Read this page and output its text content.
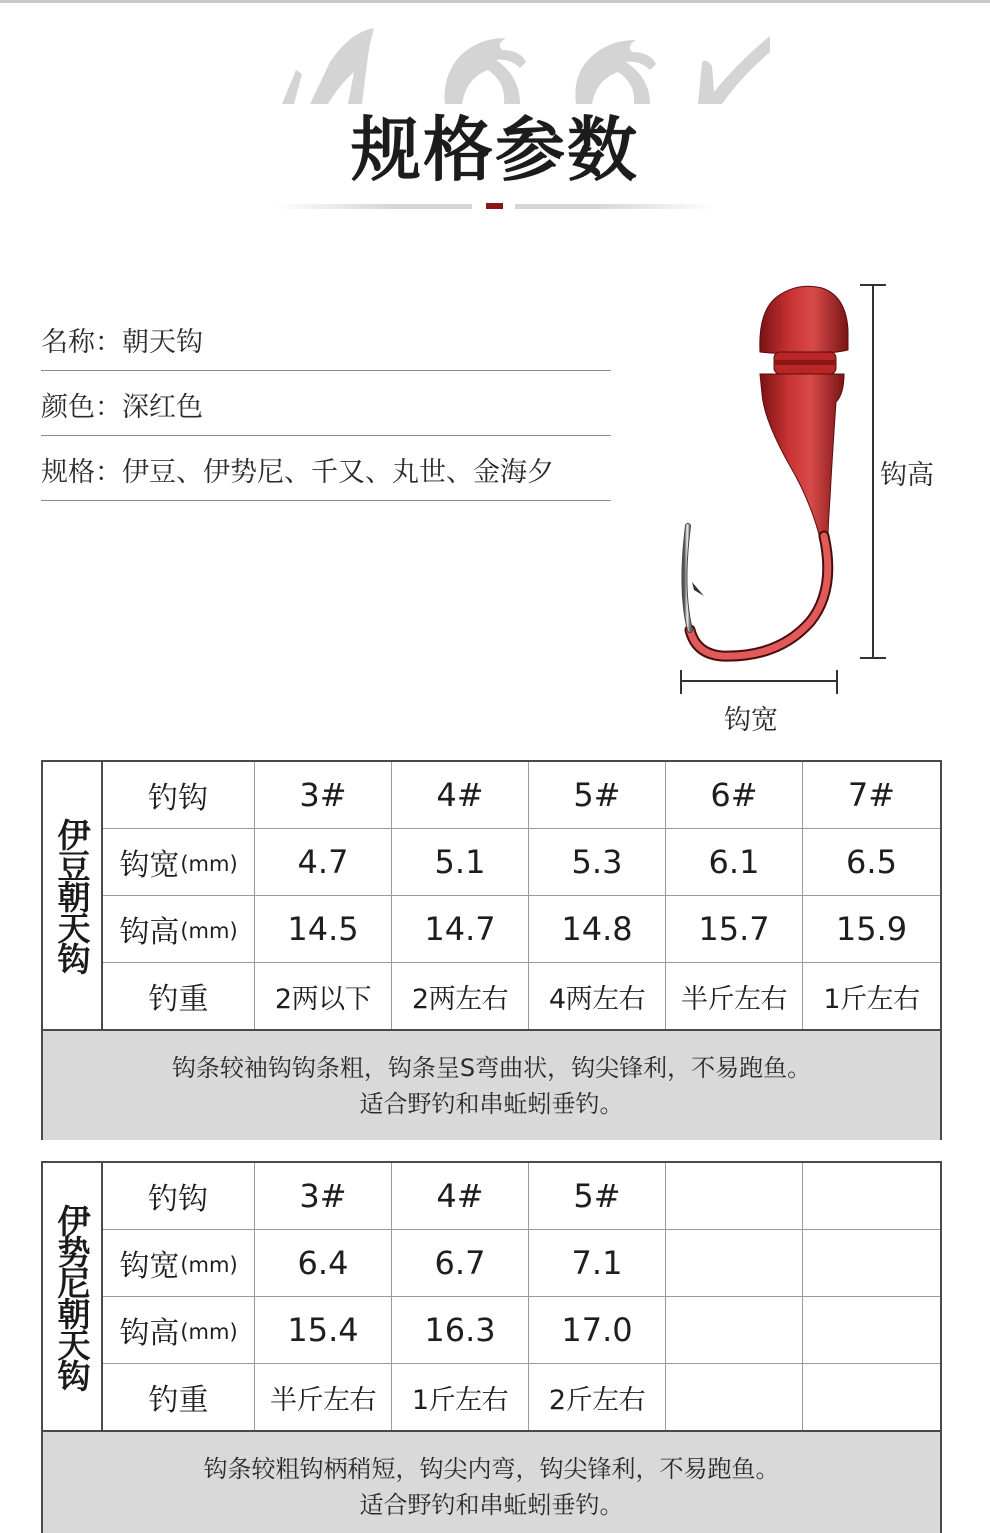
规格参数
名称： 朝天钩
颜色： 深红色
规格： 伊豆、伊势尼、千又、丸世、金海夕	钩高
钩宽
伊豆朝天钩
钓钩	3#	4#	5#	6#	7#
钩宽 (mm)	4.7	5.1	5.3	6.1	6.5
钩高 (mm)	14.5	14.7	14.8	15.7	15.9
钓重	2两以下	2两左右	4两左右	半斤左右	1斤左右
钩条较袖钩钩条粗，钩条呈S弯曲状，钩尖锋利，不易跑鱼。
适合野钓和串蚯蚓垂钓。
伊势尼朝天钩
钓钩	3#	4#	5#
钩宽 (mm)	6.4	6.7	7.1
钩高 (mm)	15.4	16.3	17.0
钓重	半斤左右	1斤左右	2斤左右
钩条较粗钩柄稍短，钩尖内弯，钩尖锋利，不易跑鱼。
适合野钓和串蚯蚓垂钓。
